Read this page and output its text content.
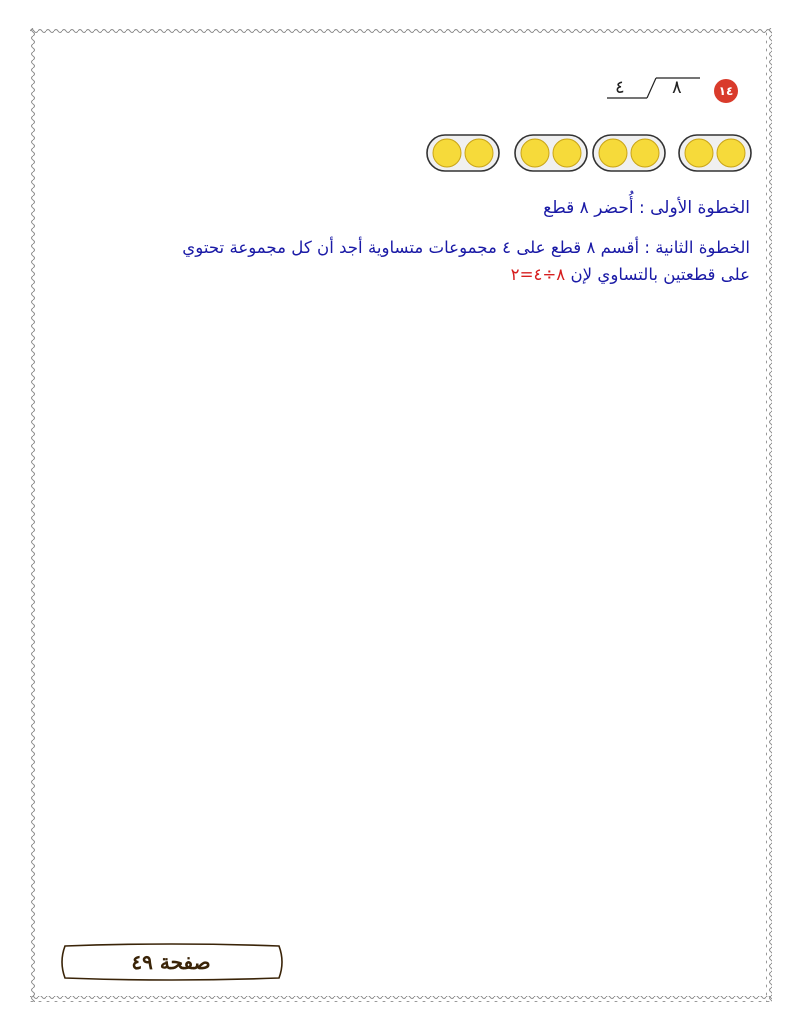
١٤
٨
٤
الخطوة الأولى : أُحضر ٨ قطع
الخطوة الثانية : أقسم ٨ قطع على ٤ مجموعات متساوية أجد أن كل مجموعة تحتوي
على قطعتين بالتساوي لإن ٨÷٤=٢
صفحة ٤٩
